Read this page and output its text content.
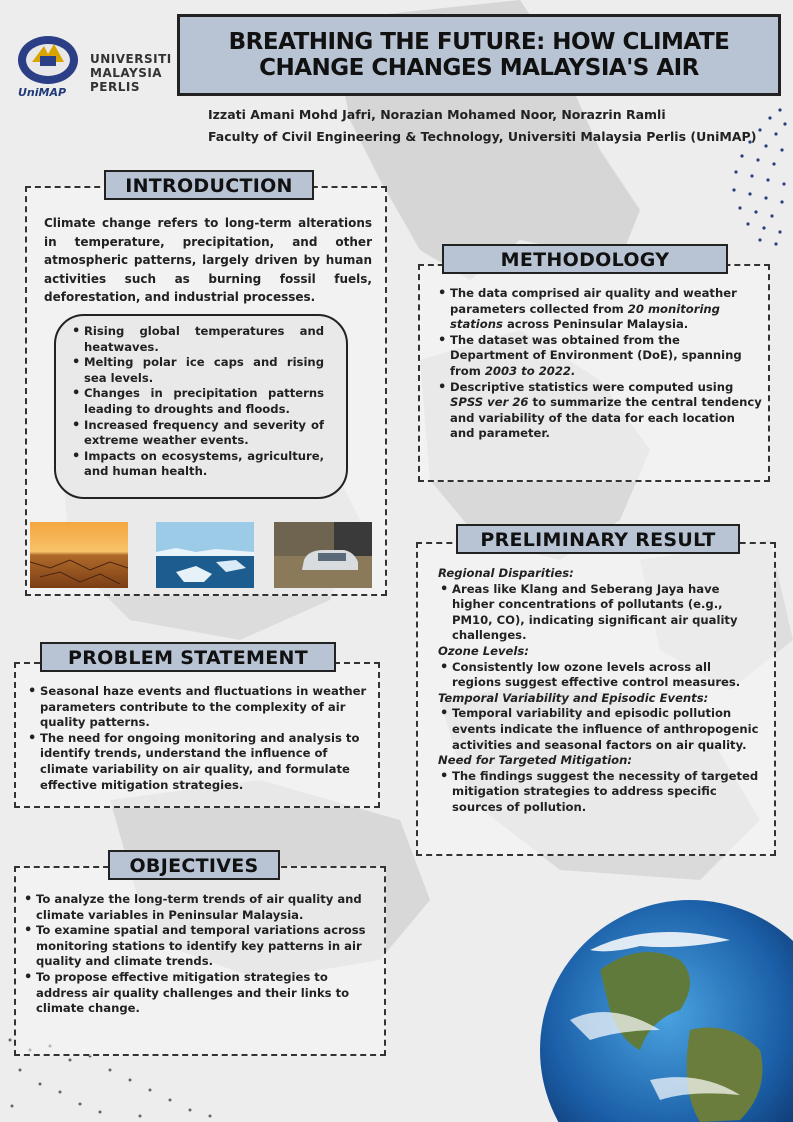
UNIVERSITI
MALAYSIA
PERLIS
UniMAP
BREATHING THE FUTURE: HOW CLIMATE
CHANGE CHANGES MALAYSIA'S AIR
Izzati Amani Mohd Jafri, Norazian Mohamed Noor, Norazrin Ramli
Faculty of Civil Engineering & Technology, Universiti Malaysia Perlis (UniMAP)
INTRODUCTION

Climate change refers to long-term alterations in temperature, precipitation, and other atmospheric patterns, largely driven by human activities such as burning fossil fuels, deforestation, and industrial processes.

• Rising global temperatures and heatwaves.
• Melting polar ice caps and rising sea levels.
• Changes in precipitation patterns leading to droughts and floods.
• Increased frequency and severity of extreme weather events.
• Impacts on ecosystems, agriculture, and human health.
PROBLEM STATEMENT
• Seasonal haze events and fluctuations in weather parameters contribute to the complexity of air quality patterns.
• The need for ongoing monitoring and analysis to identify trends, understand the influence of climate variability on air quality, and formulate effective mitigation strategies.
OBJECTIVES
• To analyze the long-term trends of air quality and climate variables in Peninsular Malaysia.
• To examine spatial and temporal variations across monitoring stations to identify key patterns in air quality and climate trends.
• To propose effective mitigation strategies to address air quality challenges and their links to climate change.
METHODOLOGY
• The data comprised air quality and weather parameters collected from 20 monitoring stations across Peninsular Malaysia.
• The dataset was obtained from the Department of Environment (DoE), spanning from 2003 to 2022.
• Descriptive statistics were computed using SPSS ver 26 to summarize the central tendency and variability of the data for each location and parameter.
PRELIMINARY RESULT
Regional Disparities:
• Areas like Klang and Seberang Jaya have higher concentrations of pollutants (e.g., PM10, CO), indicating significant air quality challenges.
Ozone Levels:
• Consistently low ozone levels across all regions suggest effective control measures.
Temporal Variability and Episodic Events:
• Temporal variability and episodic pollution events indicate the influence of anthropogenic activities and seasonal factors on air quality.
Need for Targeted Mitigation:
• The findings suggest the necessity of targeted mitigation strategies to address specific sources of pollution.
